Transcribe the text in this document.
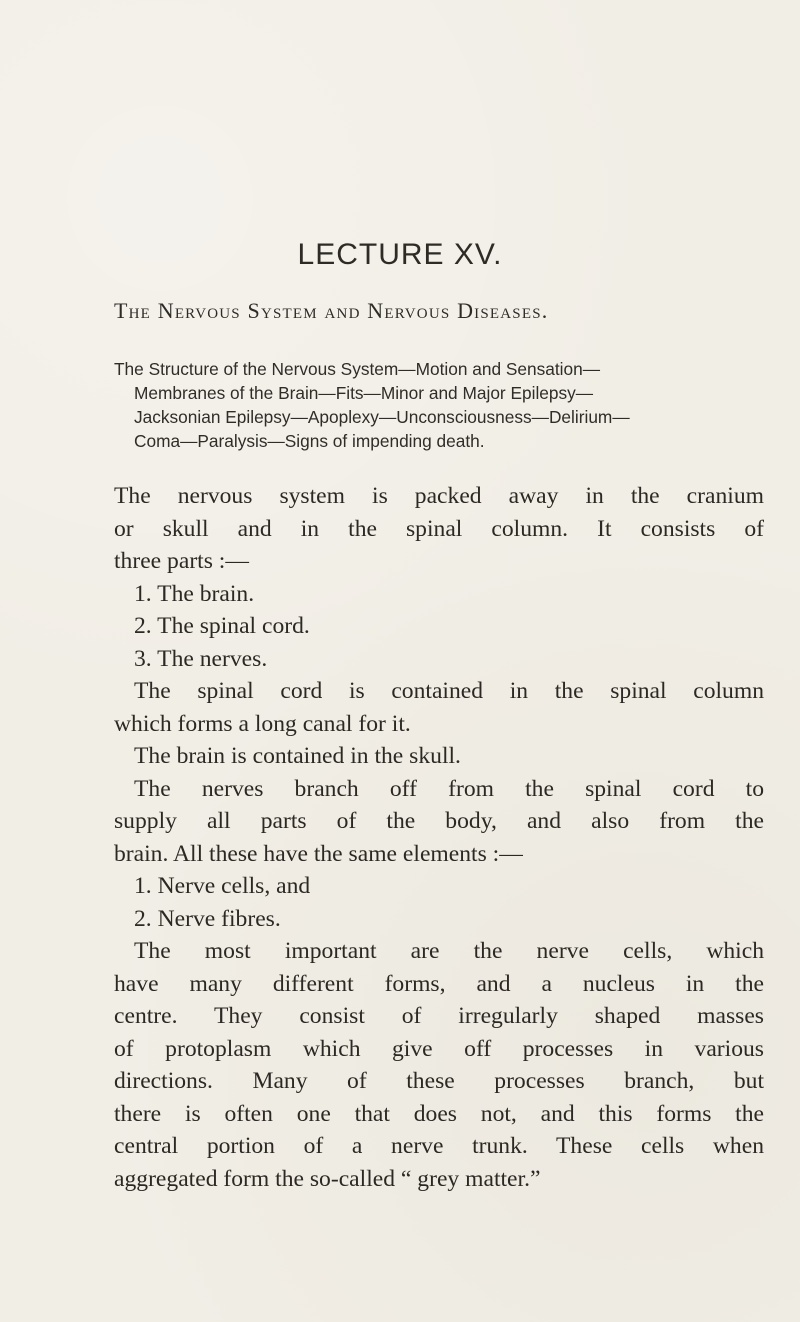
LECTURE XV.
The Nervous System and Nervous Diseases.
The Structure of the Nervous System—Motion and Sensation—
Membranes of the Brain—Fits—Minor and Major Epilepsy—
Jacksonian Epilepsy—Apoplexy—Unconsciousness—Delirium—
Coma—Paralysis—Signs of impending death.
The nervous system is packed away in the cranium
or skull and in the spinal column. It consists of
three parts :—
1. The brain.
2. The spinal cord.
3. The nerves.
The spinal cord is contained in the spinal column
which forms a long canal for it.
The brain is contained in the skull.
The nerves branch off from the spinal cord to
supply all parts of the body, and also from the
brain. All these have the same elements :—
1. Nerve cells, and
2. Nerve fibres.
The most important are the nerve cells, which
have many different forms, and a nucleus in the
centre. They consist of irregularly shaped masses
of protoplasm which give off processes in various
directions. Many of these processes branch, but
there is often one that does not, and this forms the
central portion of a nerve trunk. These cells when
aggregated form the so-called “ grey matter.”
